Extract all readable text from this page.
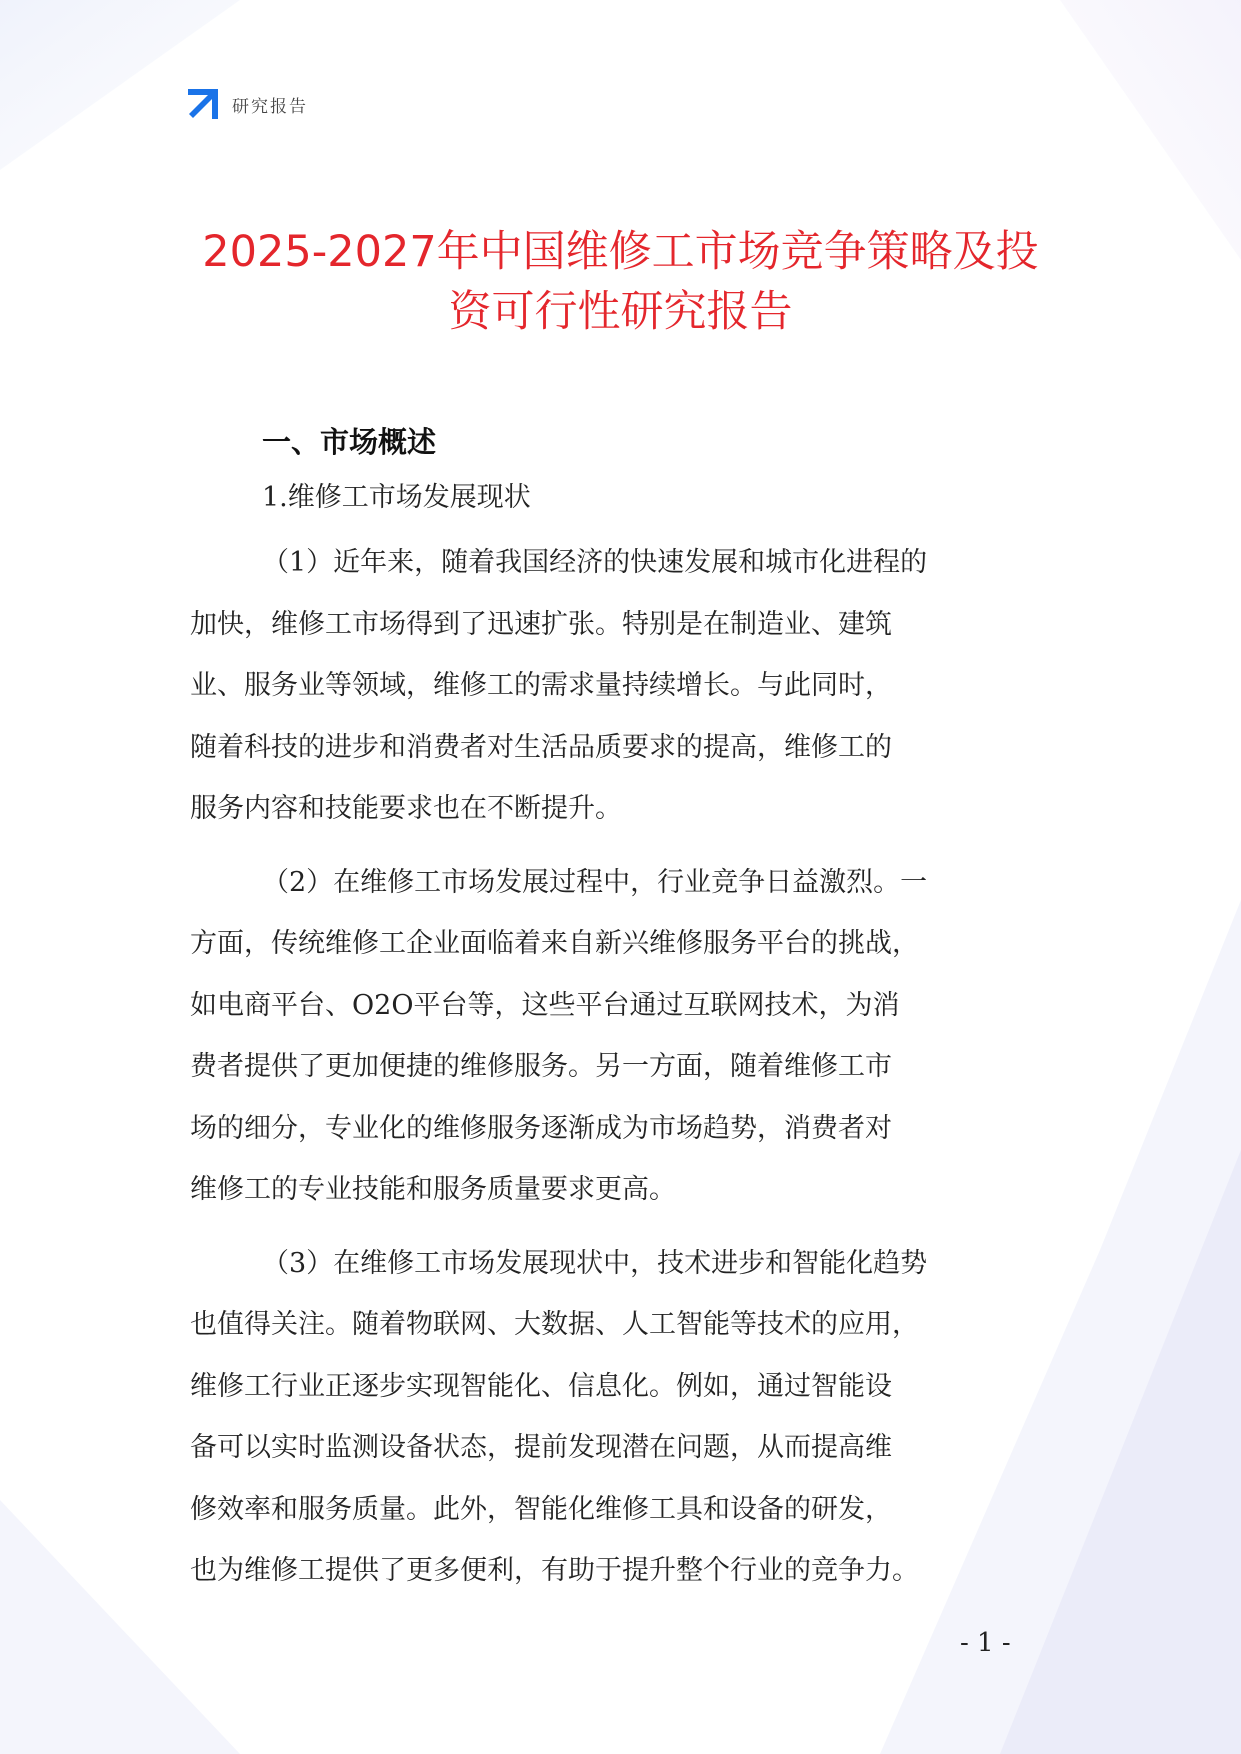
研究报告
2025-2027年中国维修工市场竞争策略及投
资可行性研究报告
一、市场概述
1.维修工市场发展现状
（1）近年来，随着我国经济的快速发展和城市化进程的
加快，维修工市场得到了迅速扩张。特别是在制造业、建筑
业、服务业等领域，维修工的需求量持续增长。与此同时，
随着科技的进步和消费者对生活品质要求的提高，维修工的
服务内容和技能要求也在不断提升。
（2）在维修工市场发展过程中，行业竞争日益激烈。一
方面，传统维修工企业面临着来自新兴维修服务平台的挑战，
如电商平台、O2O平台等，这些平台通过互联网技术，为消
费者提供了更加便捷的维修服务。另一方面，随着维修工市
场的细分，专业化的维修服务逐渐成为市场趋势，消费者对
维修工的专业技能和服务质量要求更高。
（3）在维修工市场发展现状中，技术进步和智能化趋势
也值得关注。随着物联网、大数据、人工智能等技术的应用，
维修工行业正逐步实现智能化、信息化。例如，通过智能设
备可以实时监测设备状态，提前发现潜在问题，从而提高维
修效率和服务质量。此外，智能化维修工具和设备的研发，
也为维修工提供了更多便利，有助于提升整个行业的竞争力。
- 1 -
